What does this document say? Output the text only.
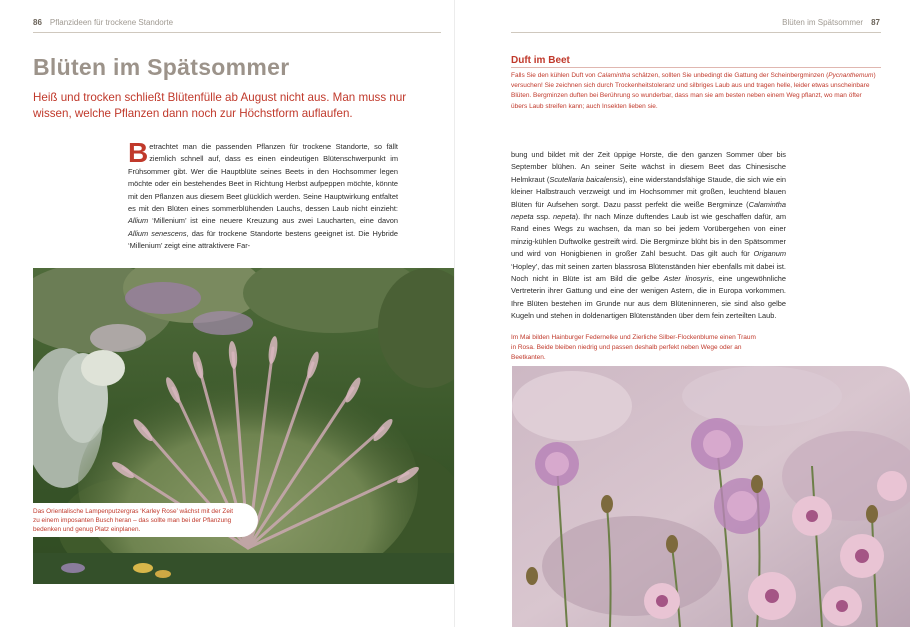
86 Pflanzideen für trockene Standorte
Blüten im Spätsommer

Heiß und trocken schließt Blütenfülle ab August nicht aus. Man muss nur wissen, welche Pflanzen dann noch zur Höchstform auflaufen.

Betrachtet man die passenden Pflanzen für trockene Standorte, so fällt ziemlich schnell auf, dass es einen eindeutigen Blütenschwerpunkt im Frühsommer gibt. Wer die Hauptblüte seines Beets in den Hochsommer legen möchte oder ein bestehendes Beet in Richtung Herbst aufpeppen möchte, könnte mit den Pflanzen aus diesem Beet glücklich werden. Seine Hauptwirkung entfaltet es mit den Blüten eines sommerblühenden Lauchs, dessen Laub nicht einzieht: Allium ‘Millenium’ ist eine neuere Kreuzung aus zwei Laucharten, eine davon Allium senescens, das für trockene Standorte bestens geeignet ist. Die Hybride ‘Millenium’ zeigt eine attraktivere Far-

Das Orientalische Lampenputzergras ‘Karley Rose’ wächst mit der Zeit zu einem imposanten Busch heran – das sollte man bei der Pflanzung bedenken und genug Platz einplanen.

Blüten im Spätsommer 87
Duft im Beet

Falls Sie den kühlen Duft von Calamintha schätzen, sollten Sie unbedingt die Gattung der Scheinbergminzen (Pycnanthemum) versuchen! Sie zeichnen sich durch Trockenheitstoleranz und silbriges Laub aus und tragen helle, leider etwas unscheinbare Blüten. Bergminzen duften bei Berührung so wunderbar, dass man sie am besten neben einem Weg pflanzt, wo man öfter übers Laub streifen kann; auch Insekten lieben sie.

bung und bildet mit der Zeit üppige Horste, die den ganzen Sommer über bis September blühen. An seiner Seite wächst in diesem Beet das Chinesische Helmkraut (Scutellaria baicalensis), eine widerstandsfähige Staude, die sich wie ein kleiner Halbstrauch verzweigt und im Hochsommer mit großen, leuchtend blauen Blüten für Aufsehen sorgt. Dazu passt perfekt die weiße Bergminze (Calamintha nepeta ssp. nepeta). Ihr nach Minze duftendes Laub ist wie geschaffen dafür, am Rand eines Wegs zu wachsen, da man so bei jedem Vorübergehen von einer minzig-kühlen Duftwolke gestreift wird. Die Bergminze blüht bis in den Spätsommer und wird von Honigbienen in großer Zahl besucht. Das gilt auch für Origanum ‘Hopley’, das mit seinen zarten blassrosa Blütenständen hier ebenfalls mit dabei ist. Noch nicht in Blüte ist am Bild die gelbe Aster linosyris, eine ungewöhnliche Vertreterin ihrer Gattung und eine der wenigen Astern, die in Europa vorkommen. Ihre Blüten bestehen im Grunde nur aus dem Blüteninneren, sie sind also gelbe Kugeln und stehen in doldenartigen Blütenständen über dem fein zerteilten Laub.

Im Mai bilden Hainburger Federnelke und Zierliche Silber-Flockenblume einen Traum in Rosa. Beide bleiben niedrig und passen deshalb perfekt neben Wege oder an Beetkanten.
